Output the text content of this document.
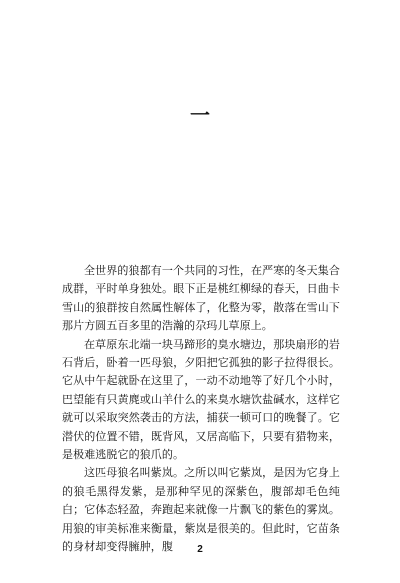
一

全世界的狼都有一个共同的习性，在严寒的冬天集合成群，平时单身独处。眼下正是桃红柳绿的春天，日曲卡雪山的狼群按自然属性解体了，化整为零，散落在雪山下那片方圆五百多里的浩瀚的尕玛儿草原上。

在草原东北端一块马蹄形的臭水塘边，那块扇形的岩石背后，卧着一匹母狼，夕阳把它孤独的影子拉得很长。它从中午起就卧在这里了，一动不动地等了好几个小时，巴望能有只黄麂或山羊什么的来臭水塘饮盐碱水，这样它就可以采取突然袭击的方法，捕获一顿可口的晚餐了。它潜伏的位置不错，既背风，又居高临下，只要有猎物来，是极难逃脱它的狼爪的。

这匹母狼名叫紫岚。之所以叫它紫岚，是因为它身上的狼毛黑得发紫，是那种罕见的深紫色，腹部却毛色纯白；它体态轻盈，奔跑起来就像一片飘飞的紫色的雾岚。用狼的审美标准来衡量，紫岚是很美的。但此时，它苗条的身材却变得臃肿，腹	2
